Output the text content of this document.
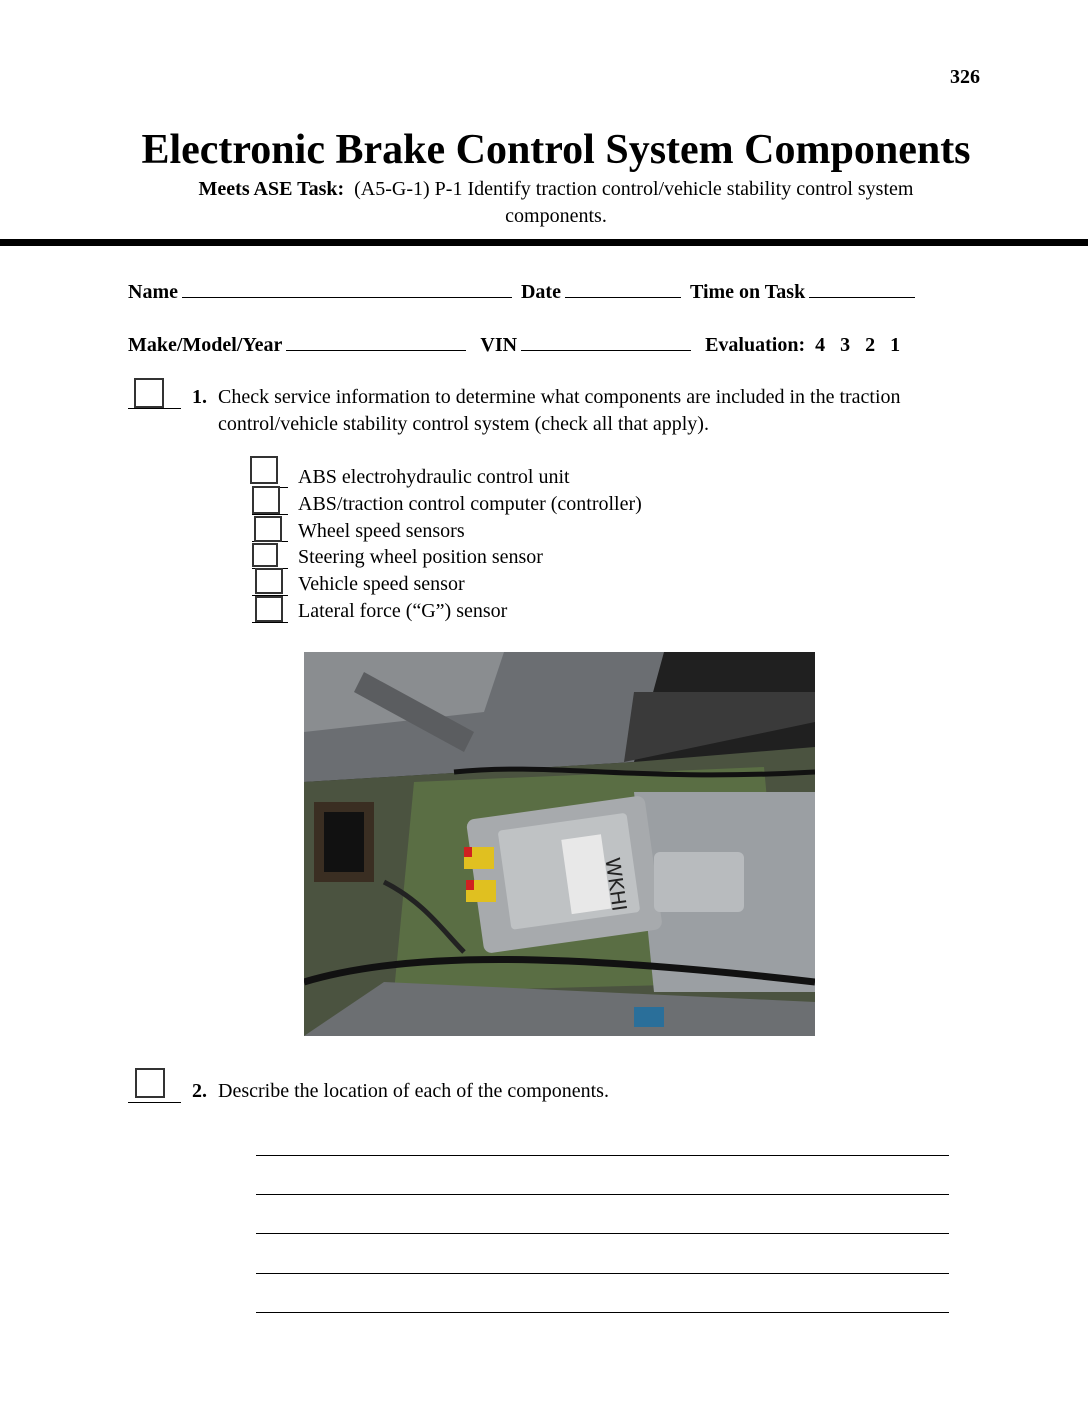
326
Electronic Brake Control System Components
Meets ASE Task: (A5-G-1) P-1 Identify traction control/vehicle stability control system
components.
Name	Date	Time on Task
Make/Model/Year	VIN	Evaluation: 4 3 2 1
1. Check service information to determine what components are included in the traction
control/vehicle stability control system (check all that apply).
ABS electrohydraulic control unit
ABS/traction control computer (controller)
Wheel speed sensors
Steering wheel position sensor
Vehicle speed sensor
Lateral force (“G”) sensor
WKHI
2. Describe the location of each of the components.
